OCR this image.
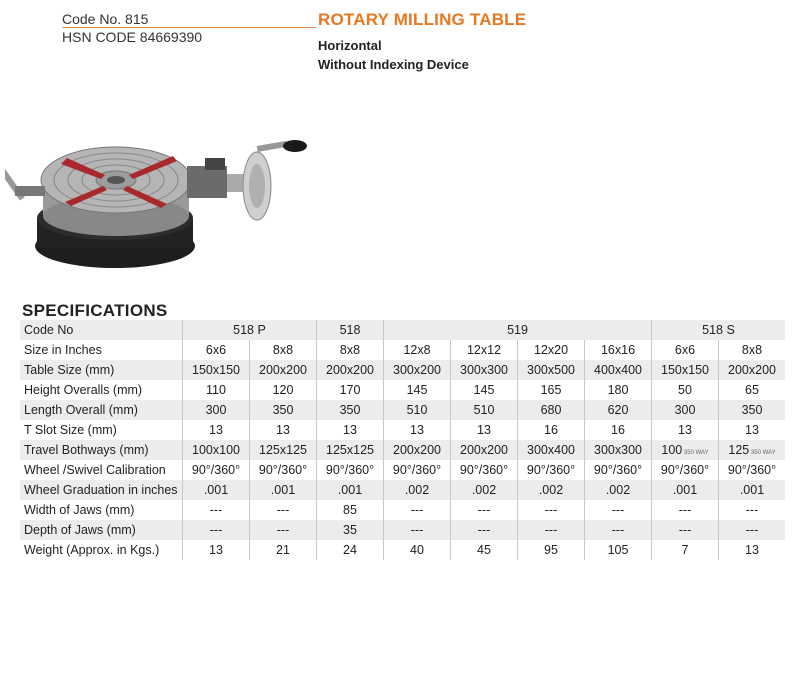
Code No. 815
HSN CODE 84669390
ROTARY MILLING TABLE
Horizontal
Without Indexing Device
SPECIFICATIONS
Code No	518 P		518	519				518 S	
Size in Inches	6x6	8x8	8x8	12x8	12x12	12x20	16x16	6x6	8x8
Table Size (mm)	150x150	200x200	200x200	300x200	300x300	300x500	400x400	150x150	200x200
Height Overalls (mm)	110	120	170	145	145	165	180	50	65
Length Overall (mm)	300	350	350	510	510	680	620	300	350
T Slot Size (mm)	13	13	13	13	13	16	16	13	13
Travel Bothways (mm)	100x100	125x125	125x125	200x200	200x200	300x400	300x300	100 350 WAY	125 350 WAY
Wheel /Swivel Calibration	90°/360°	90°/360°	90°/360°	90°/360°	90°/360°	90°/360°	90°/360°	90°/360°	90°/360°
Wheel Graduation in inches	.001	.001	.001	.002	.002	.002	.002	.001	.001
Width of Jaws (mm)	---	---	85	---	---	---	---	---	---
Depth of Jaws (mm)	---	---	35	---	---	---	---	---	---
Weight (Approx. in Kgs.)	13	21	24	40	45	95	105	7	13
